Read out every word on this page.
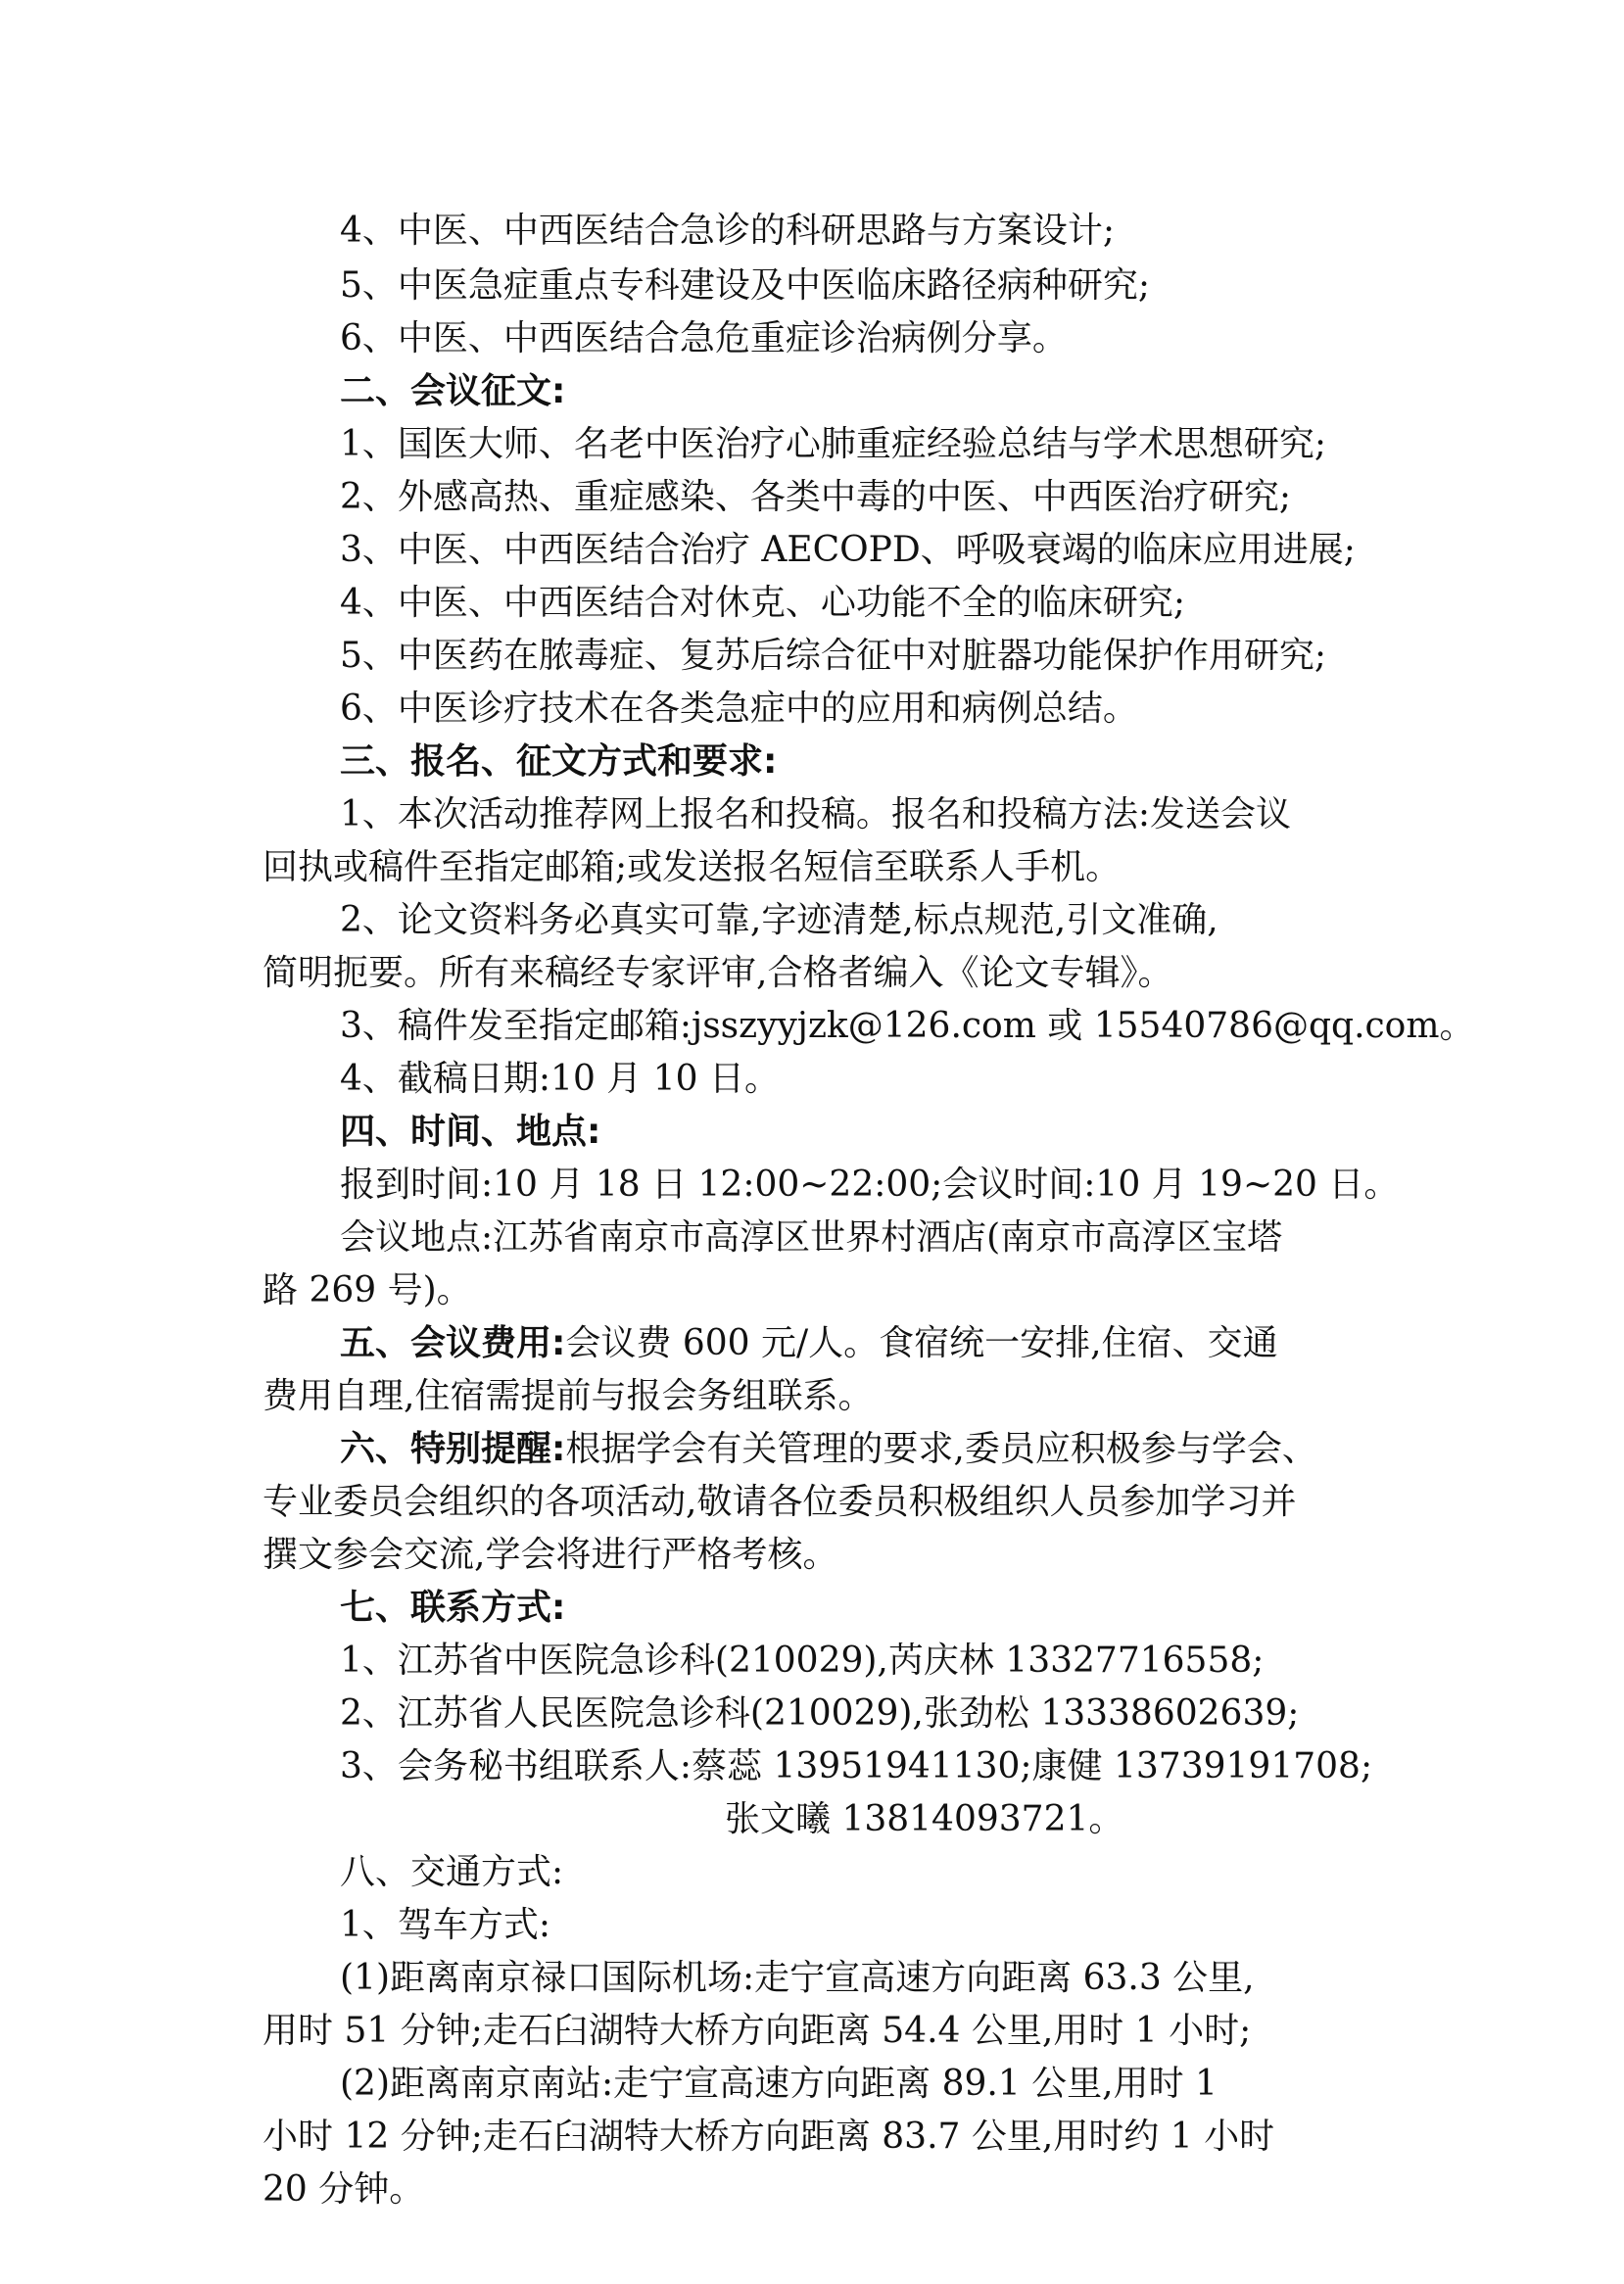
4、中医、中西医结合急诊的科研思路与方案设计;
5、中医急症重点专科建设及中医临床路径病种研究;
6、中医、中西医结合急危重症诊治病例分享。
二、会议征文:
1、国医大师、名老中医治疗心肺重症经验总结与学术思想研究;
2、外感高热、重症感染、各类中毒的中医、中西医治疗研究;
3、中医、中西医结合治疗 AECOPD、呼吸衰竭的临床应用进展;
4、中医、中西医结合对休克、心功能不全的临床研究;
5、中医药在脓毒症、复苏后综合征中对脏器功能保护作用研究;
6、中医诊疗技术在各类急症中的应用和病例总结。
三、报名、征文方式和要求:
1、本次活动推荐网上报名和投稿。报名和投稿方法:发送会议
回执或稿件至指定邮箱;或发送报名短信至联系人手机。
2、论文资料务必真实可靠,字迹清楚,标点规范,引文准确,
简明扼要。所有来稿经专家评审,合格者编入《论文专辑》。
3、稿件发至指定邮箱:jsszyyjzk@126.com 或 15540786@qq.com。
4、截稿日期:10 月 10 日。
四、时间、地点:
报到时间:10 月 18 日 12:00~22:00;会议时间:10 月 19~20 日。
会议地点:江苏省南京市高淳区世界村酒店(南京市高淳区宝塔
路 269 号)。
五、会议费用:会议费 600 元/人。食宿统一安排,住宿、交通
费用自理,住宿需提前与报会务组联系。
六、特别提醒:根据学会有关管理的要求,委员应积极参与学会、
专业委员会组织的各项活动,敬请各位委员积极组织人员参加学习并
撰文参会交流,学会将进行严格考核。
七、联系方式:
1、江苏省中医院急诊科(210029),芮庆林 13327716558;
2、江苏省人民医院急诊科(210029),张劲松 13338602639;
3、会务秘书组联系人:蔡蕊 13951941130;康健 13739191708;
张文曦 13814093721。
八、交通方式:
1、驾车方式:
(1)距离南京禄口国际机场:走宁宣高速方向距离 63.3 公里,
用时 51 分钟;走石臼湖特大桥方向距离 54.4 公里,用时 1 小时;
(2)距离南京南站:走宁宣高速方向距离 89.1 公里,用时 1
小时 12 分钟;走石臼湖特大桥方向距离 83.7 公里,用时约 1 小时
20 分钟。
